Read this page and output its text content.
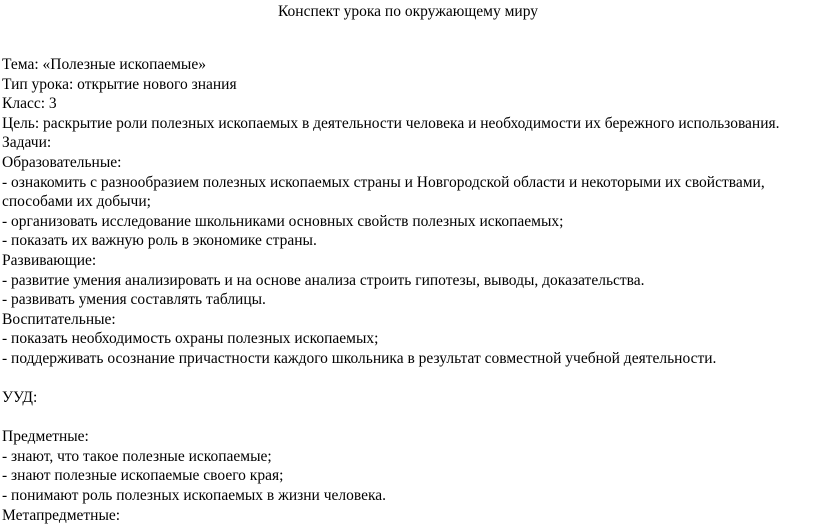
Конспект урока по окружающему миру
Тема: «Полезные ископаемые»
Тип урока: открытие нового знания
Класс: 3
Цель: раскрытие роли полезных ископаемых в деятельности человека и необходимости их бережного использования.
Задачи:
Образовательные:
- ознакомить с разнообразием полезных ископаемых страны и Новгородской области и некоторыми их свойствами, способами их добычи;
- организовать исследование школьниками основных свойств полезных ископаемых;
- показать их важную роль в экономике страны.
Развивающие:
- развитие умения анализировать и на основе анализа строить гипотезы, выводы, доказательства.
- развивать умения составлять таблицы.
Воспитательные:
- показать необходимость охраны полезных ископаемых;
- поддерживать осознание причастности каждого школьника в результат совместной учебной деятельности.
УУД:
Предметные:
- знают, что такое полезные ископаемые;
- знают полезные ископаемые своего края;
- понимают роль полезных ископаемых в жизни человека.
Метапредметные:
